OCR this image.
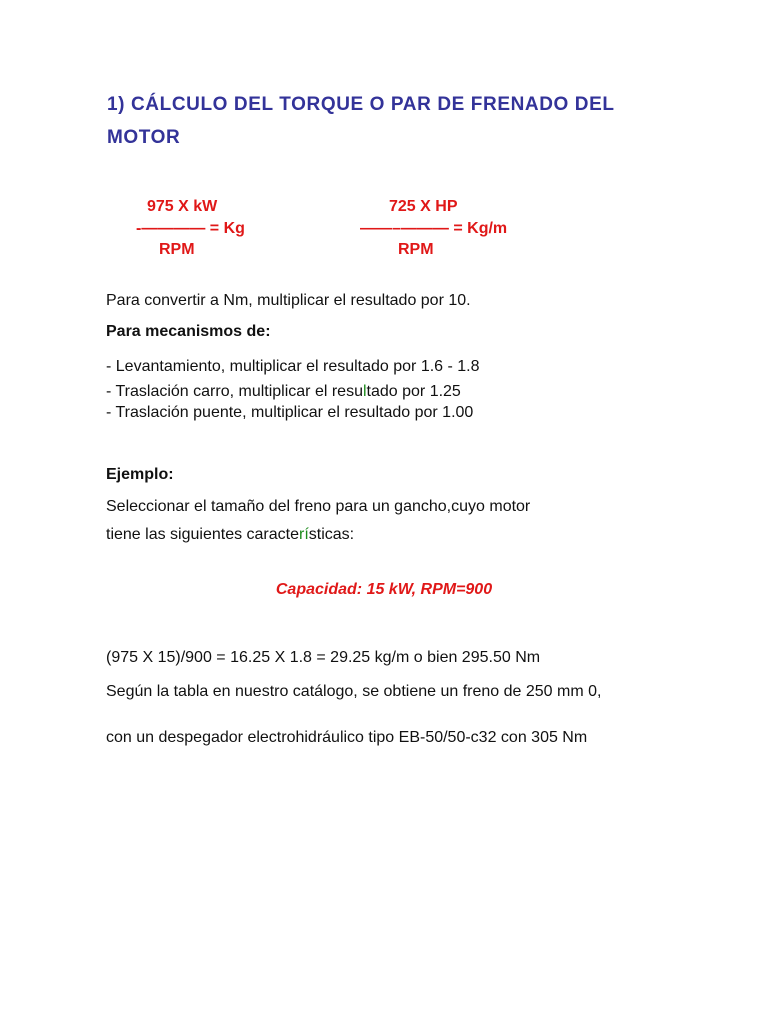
1) CÁLCULO DEL TORQUE O PAR DE FRENADO DEL MOTOR
975 X kW
-———— = Kg
RPM
725 X HP
——–——— = Kg/m
RPM

Para convertir a Nm, multiplicar el resultado por 10.

Para mecanismos de:

- Levantamiento, multiplicar el resultado por 1.6 - 1.8

- Traslación carro, multiplicar el resultado por 1.25

- Traslación puente, multiplicar el resultado por 1.00

Ejemplo:

Seleccionar el tamaño del freno para un gancho,cuyo motor

tiene las siguientes características:

Capacidad: 15 kW, RPM=900

(975 X 15)/900 = 16.25 X 1.8 = 29.25 kg/m o bien 295.50 Nm

Según la tabla en nuestro catálogo, se obtiene un freno de 250 mm 0,

con un despegador electrohidráulico tipo EB-50/50-c32 con 305 Nm
